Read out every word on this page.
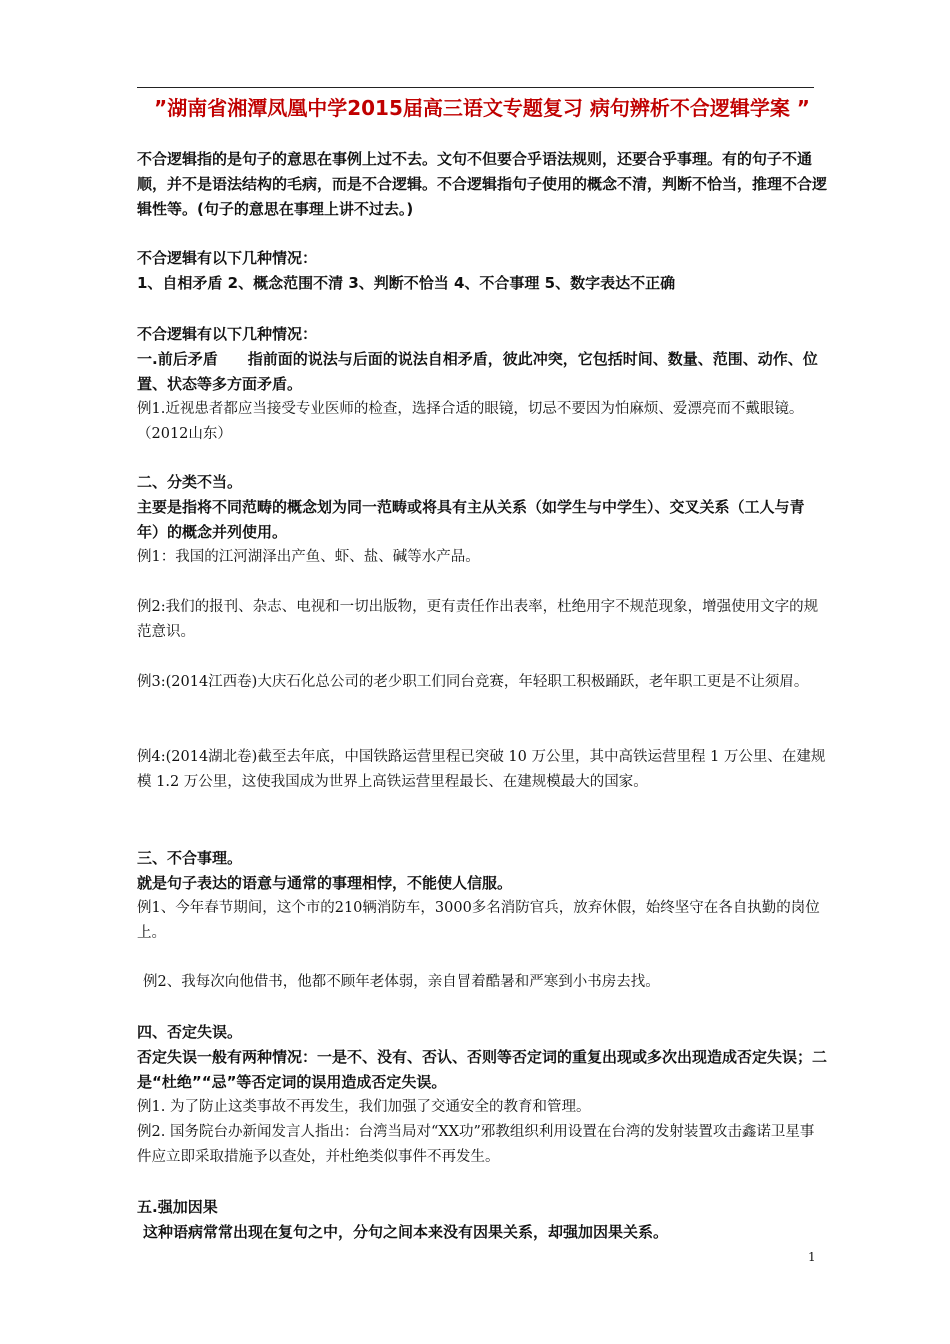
”湖南省湘潭凤凰中学2015届高三语文专题复习 病句辨析不合逻辑学案 ”
不合逻辑指的是句子的意思在事例上过不去。文句不但要合乎语法规则，还要合乎事理。有的句子不通顺，并不是语法结构的毛病，而是不合逻辑。不合逻辑指句子使用的概念不清，判断不恰当，推理不合逻辑性等。(句子的意思在事理上讲不过去。)
不合逻辑有以下几种情况：
1、自相矛盾 2、概念范围不清 3、判断不恰当 4、不合事理 5、数字表达不正确
不合逻辑有以下几种情况：
一.前后矛盾　　指前面的说法与后面的说法自相矛盾，彼此冲突，它包括时间、数量、范围、动作、位置、状态等多方面矛盾。
例1.近视患者都应当接受专业医师的检查，选择合适的眼镜，切忌不要因为怕麻烦、爱漂亮而不戴眼镜。（2012山东）
二、分类不当。
主要是指将不同范畴的概念划为同一范畴或将具有主从关系（如学生与中学生）、交叉关系（工人与青年）的概念并列使用。
例1：我国的江河湖泽出产鱼、虾、盐、碱等水产品。
例2:我们的报刊、杂志、电视和一切出版物，更有责任作出表率，杜绝用字不规范现象，增强使用文字的规范意识。
例3:(2014江西卷)大庆石化总公司的老少职工们同台竞赛，年轻职工积极踊跃，老年职工更是不让须眉。
例4:(2014湖北卷)截至去年底，中国铁路运营里程已突破 10 万公里，其中高铁运营里程 1 万公里、在建规模 1.2 万公里，这使我国成为世界上高铁运营里程最长、在建规模最大的国家。
三、不合事理。
就是句子表达的语意与通常的事理相悖，不能使人信服。
例1、今年春节期间，这个市的210辆消防车，3000多名消防官兵，放弃休假，始终坚守在各自执勤的岗位上。
例2、我每次向他借书，他都不顾年老体弱，亲自冒着酷暑和严寒到小书房去找。
四、否定失误。
否定失误一般有两种情况：一是不、没有、否认、否则等否定词的重复出现或多次出现造成否定失误；二是“杜绝”“忌”等否定词的误用造成否定失误。
例1. 为了防止这类事故不再发生，我们加强了交通安全的教育和管理。
例2. 国务院台办新闻发言人指出：台湾当局对“XX功”邪教组织利用设置在台湾的发射装置攻击鑫诺卫星事件应立即采取措施予以查处，并杜绝类似事件不再发生。
五.强加因果
这种语病常常出现在复句之中，分句之间本来没有因果关系，却强加因果关系。
1
